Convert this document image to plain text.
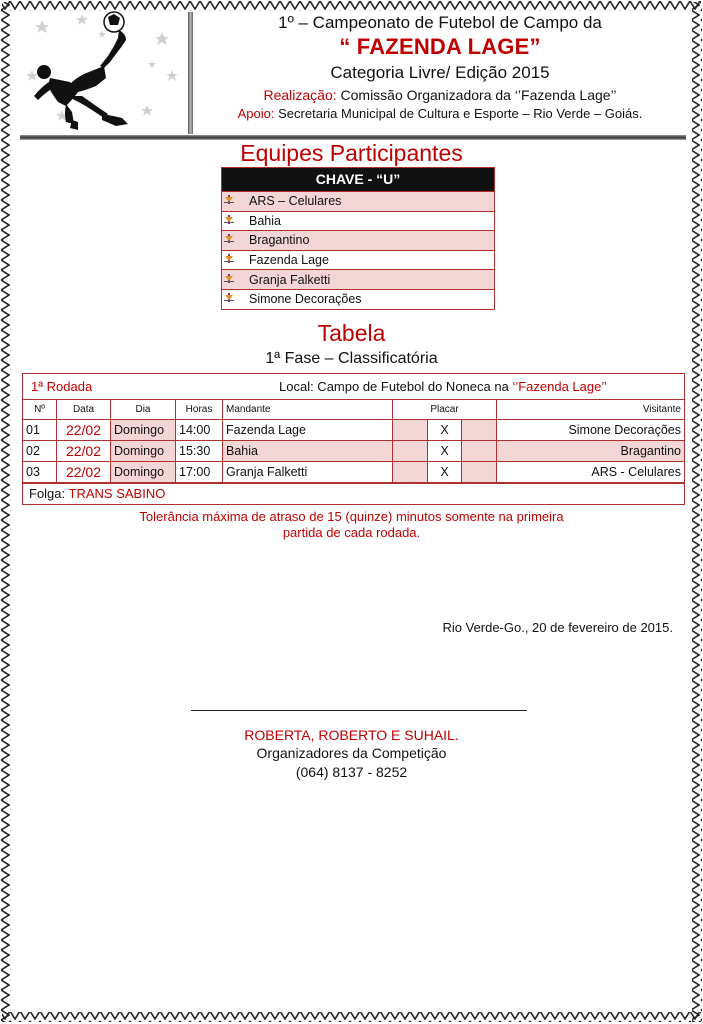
1º – Campeonato de Futebol de Campo da
“ FAZENDA LAGE”
Categoria Livre/ Edição 2015
Realização: Comissão Organizadora da ‘’Fazenda Lage’’
Apoio: Secretaria Municipal de Cultura e Esporte – Rio Verde – Goiás.
Equipes Participantes
CHAVE - “U”
ARS – Celulares
Bahia
Bragantino
Fazenda Lage
Granja Falketti
Simone Decorações
Tabela
1ª Fase – Classificatória
1ª Rodada	Local: Campo de Futebol do Noneca na ‘’Fazenda Lage’’
Nº	Data	Dia	Horas	Mandante	Placar			Visitante
01	22/02	Domingo	14:00	Fazenda Lage		X		Simone Decorações
02	22/02	Domingo	15:30	Bahia		X		Bragantino
03	22/02	Domingo	17:00	Granja Falketti		X		ARS - Celulares
Folga: TRANS SABINO
Tolerância máxima de atraso de 15 (quinze) minutos somente na primeira
partida de cada rodada.
Rio Verde-Go., 20 de fevereiro de 2015.
ROBERTA, ROBERTO E SUHAIL.
Organizadores da Competição
(064) 8137 - 8252
